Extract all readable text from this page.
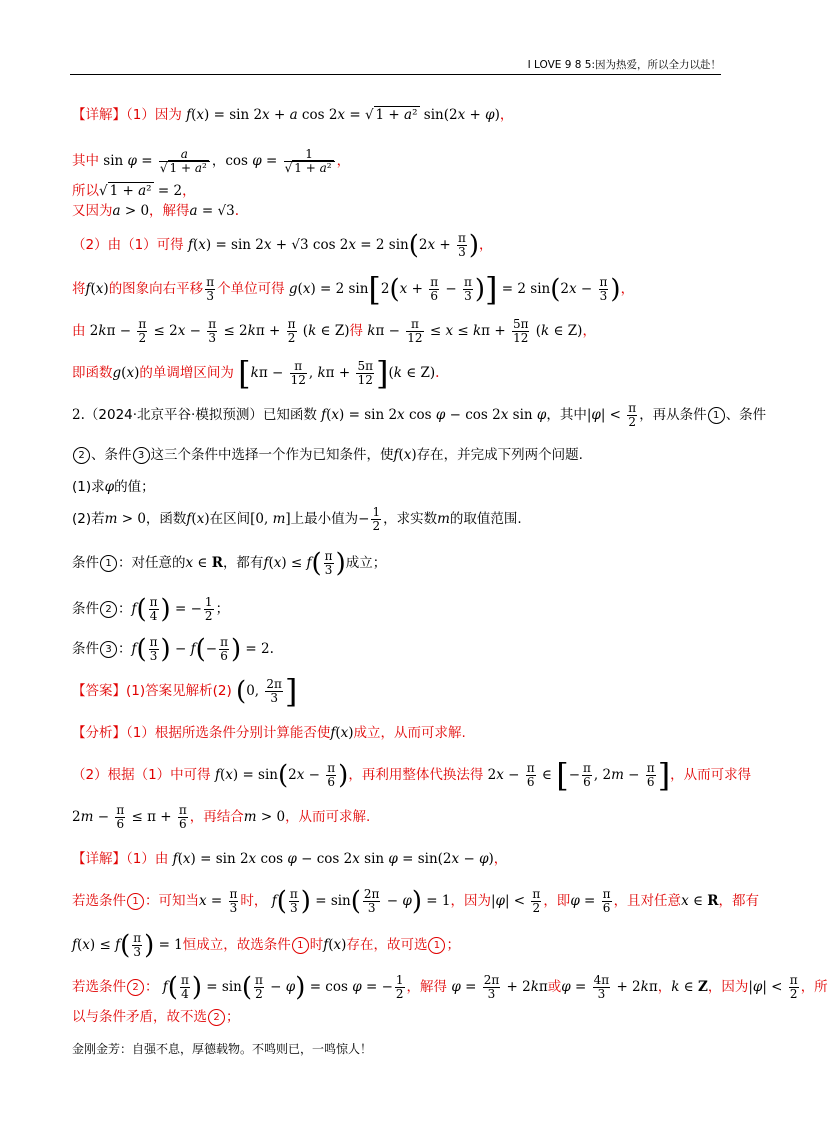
I LOVE 9 8 5:因为热爱，所以全力以赴！
【详解】（1）因为 f(x) = sin 2x + a cos 2x = √ 1 + a² sin(2x + φ)，
其中 $\sin \varphi = \frac{a}{\text{√ 1 + a²}}$ ，$\cos \varphi = \frac{1}{\text{√ 1 + a²}}$ ，
所以√ 1 + a² = 2，
又因为a > 0，解得a = √3.
（2）由（1）可得 f(x) = sin 2x + √3 cos 2x = 2 $\sin(2x + \frac{\pi}{3}$ )，
将f(x)的图象向右平移 $\frac{\pi}{3}$ 个单位可得 g(x) = 2 $\sin[2(x + \frac{\pi}{6} - \frac{\pi}{3}$ )] = 2 $\sin(2x - \frac{\pi}{3}$ )，
由 $2k\pi - \frac{\pi}{2} \le 2x - \frac{\pi}{3} \le 2k\pi + \frac{\pi}{2} (k$ ∈ Z)得 $k\pi - \frac{\pi}{12} \le x \le k\pi + \frac{5\pi}{12} (k$ ∈ Z)，
即函数g(x)的单调增区间为 [$k\pi - \frac{\pi}{12}$ , $k\pi + \frac{5\pi}{12} ](k$ ∈ Z).
2.（2024·北京平谷·模拟预测）已知函数 f(x) = sin 2x cos φ − cos 2x sin φ，其中$|\varphi| < \frac{\pi}{2}$ ，再从条件 1 、条件
2 、条件 3 这三个条件中选择一个作为已知条件，使f(x)存在，并完成下列两个问题.
(1)求φ的值；
(2)若m > 0，函数f(x)在区间[0, m]上最小值为− $\frac{1}{2}$ ，求实数m的取值范围.
条件 1 ：对任意的x ∈ R，都有$f(x) \le f( \frac{\pi}{3}$ )成立；
条件 2 ：$f( \frac{\pi}{4}$ ) = − $\frac{1}{2}$ ；
条件 3 ：$f( \frac{\pi}{3}$ ) − $f(- \frac{\pi}{6}$ ) = 2.
【答案】(1)答案见解析(2) (0, $\frac{2\pi}{3}$ ]
【分析】（1）根据所选条件分别计算能否使f(x)成立，从而可求解.
（2）根据（1）中可得 $f(x) = \sin(2x - \frac{\pi}{6}$ )，再利用整体代换法得 $2x - \frac{\pi}{6}$ ∈ [− $\frac{\pi}{6}$ , $2m - \frac{\pi}{6}$ ]，从而可求得
$2m - \frac{\pi}{6} \le \pi + \frac{\pi}{6}$ ，再结合m > 0，从而可求解.
【详解】（1）由 f(x) = sin 2x cos φ − cos 2x sin φ = sin(2x − φ)，
若选条件 1 ：可知当$x = \frac{\pi}{3}$ 时， $f( \frac{\pi}{3}$ ) = $\sin( \frac{2\pi}{3} - \varphi) = 1$，因为$|\varphi| < \frac{\pi}{2}$ ，即$\varphi = \frac{\pi}{6}$ ，且对任意x ∈ R，都有
$f(x) \le f( \frac{\pi}{3}$ ) = 1恒成立，故选条件 1 时f(x)存在，故可选 1 ；
若选条件 2 ： $f( \frac{\pi}{4}$ ) = $\sin( \frac{\pi}{2} - \varphi) = \cos \varphi$ = − $\frac{1}{2}$ ，解得 $\varphi = \frac{2\pi}{3} + 2k\pi$或$\varphi = \frac{4\pi}{3} + 2k\pi$，k ∈ Z，因为$|\varphi| < \frac{\pi}{2}$ ，所
以与条件矛盾，故不选 2 ；
金刚金芳：自强不息，厚德载物。不鸣则已，一鸣惊人！
